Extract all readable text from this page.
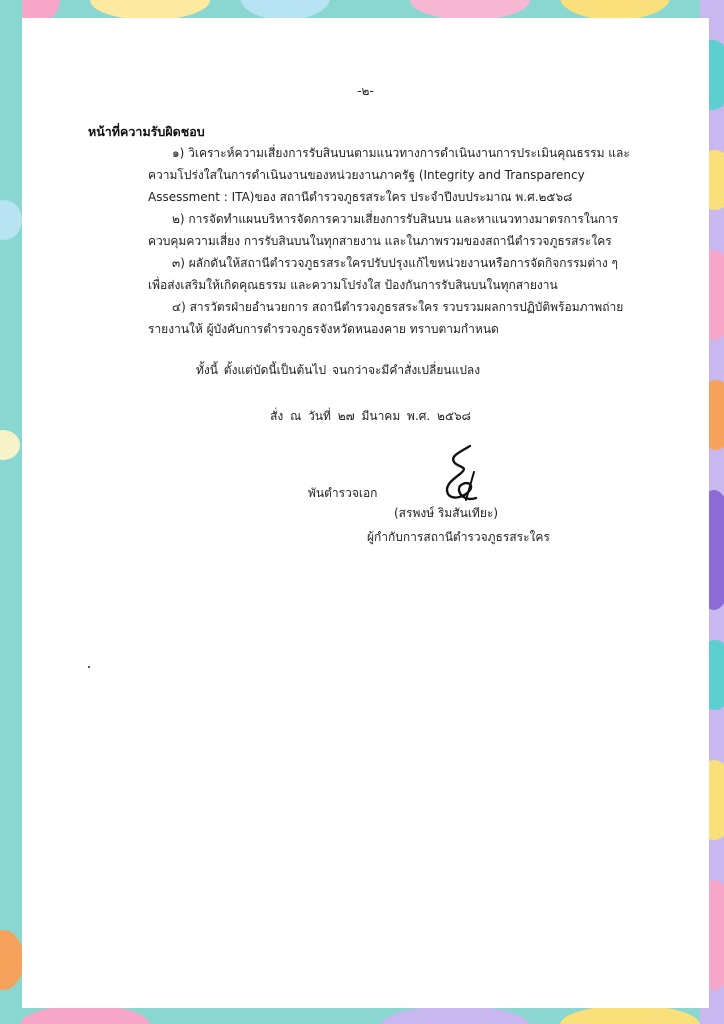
-๒-
หน้าที่ความรับผิดชอบ

๑) วิเคราะห์ความเสี่ยงการรับสินบนตามแนวทางการดำเนินงานการประเมินคุณธรรม และความโปร่งใสในการดำเนินงานของหน่วยงานภาครัฐ (Integrity and Transparency Assessment : ITA)ของ สถานีตำรวจภูธรสระใคร ประจำปีงบประมาณ พ.ศ.๒๕๖๘

๒) การจัดทำแผนบริหารจัดการความเสี่ยงการรับสินบน และหาแนวทางมาตรการในการควบคุมความเสี่ยง การรับสินบนในทุกสายงาน และในภาพรวมของสถานีตำรวจภูธรสระใคร

๓) ผลักดันให้สถานีตำรวจภูธรสระใครปรับปรุงแก้ไขหน่วยงานหรือการจัดกิจกรรมต่าง ๆ เพื่อส่งเสริมให้เกิดคุณธรรม และความโปร่งใส ป้องกันการรับสินบนในทุกสายงาน

๔) สารวัตรฝ่ายอำนวยการ สถานีตำรวจภูธรสระใคร รวบรวมผลการปฏิบัติพร้อมภาพถ่ายรายงานให้ ผู้บังคับการตำรวจภูธรจังหวัดหนองคาย ทราบตามกำหนด

ทั้งนี้ ตั้งแต่บัดนี้เป็นต้นไป จนกว่าจะมีคำสั่งเปลี่ยนแปลง
สั่ง ณ วันที่ ๒๗ มีนาคม พ.ศ. ๒๕๖๘
พันตำรวจเอก
(สรพงษ์ ริมสันเทียะ)
ผู้กำกับการสถานีตำรวจภูธรสระใคร
